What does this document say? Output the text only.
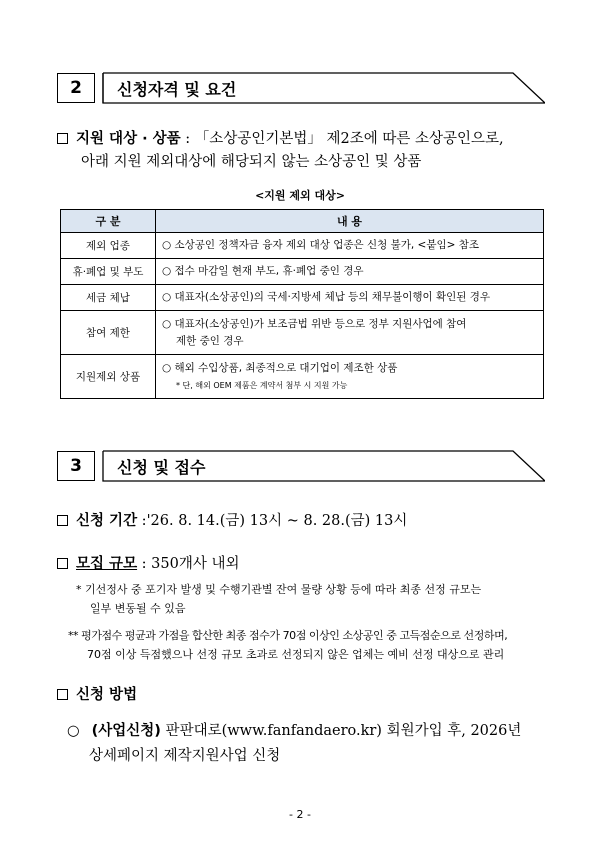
2	신청자격 및 요건
지원 대상 · 상품 : 「소상공인기본법」 제2조에 따른 소상공인으로,
아래 지원 제외대상에 해당되지 않는 소상공인 및 상품
<지원 제외 대상>
구 분	내 용
제외 업종	○ 소상공인 정책자금 융자 제외 대상 업종은 신청 불가, <붙임> 참조
휴·폐업 및 부도	○ 접수 마감일 현재 부도, 휴·폐업 중인 경우
세금 체납	○ 대표자(소상공인)의 국세·지방세 체납 등의 채무불이행이 확인된 경우
참여 제한	○ 대표자(소상공인)가 보조금법 위반 등으로 정부 지원사업에 참여
제한 중인 경우
지원제외 상품	○ 해외 수입상품, 최종적으로 대기업이 제조한 상품
* 단, 해외 OEM 제품은 계약서 첨부 시 지원 가능
3	신청 및 접수
신청 기간 :'26. 8. 14.(금) 13시 ~ 8. 28.(금) 13시
모집 규모 : 350개사 내외
* 기선정사 중 포기자 발생 및 수행기관별 잔여 물량 상황 등에 따라 최종 선정 규모는
일부 변동될 수 있음
** 평가점수 평균과 가점을 합산한 최종 점수가 70점 이상인 소상공인 중 고득점순으로 선정하며,
70점 이상 득점했으나 선정 규모 초과로 선정되지 않은 업체는 예비 선정 대상으로 관리
신청 방법
○ (사업신청) 판판대로(www.fanfandaero.kr) 회원가입 후, 2026년
상세페이지 제작지원사업 신청
- 2 -
